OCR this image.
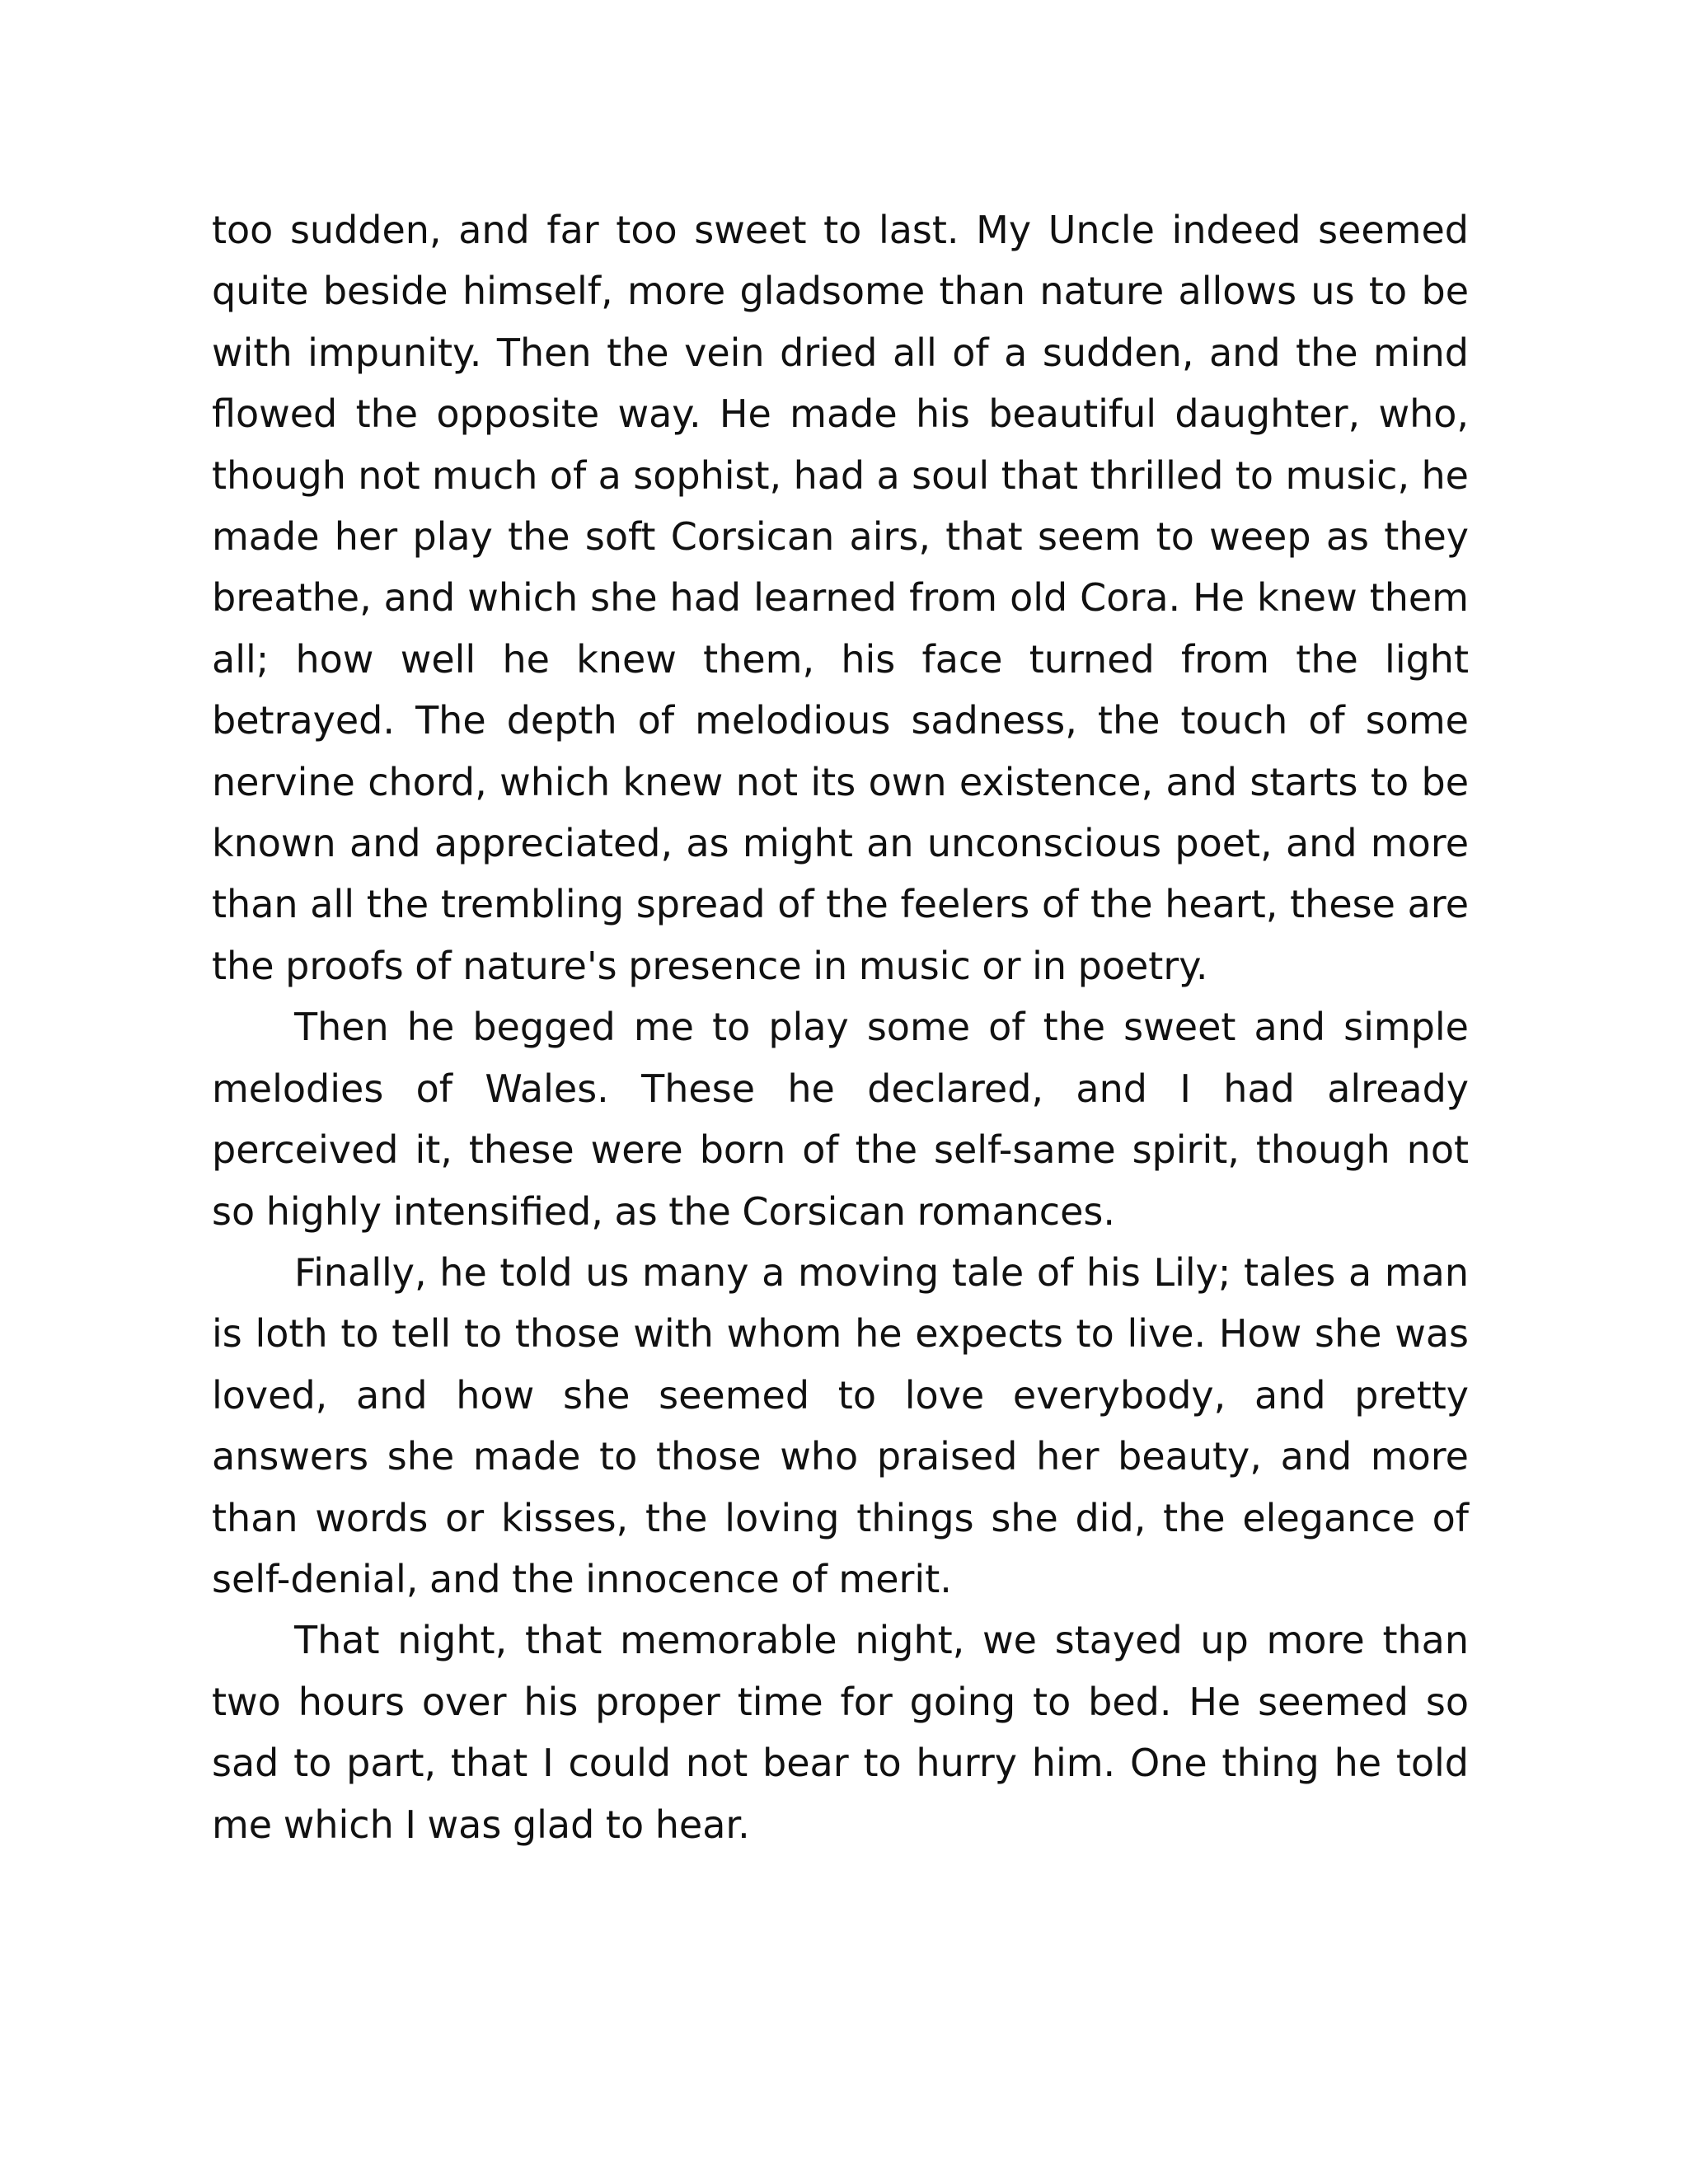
too sudden, and far too sweet to last. My Uncle indeed seemed quite beside himself, more gladsome than nature allows us to be with impunity. Then the vein dried all of a sudden, and the mind flowed the opposite way. He made his beautiful daughter, who, though not much of a sophist, had a soul that thrilled to music, he made her play the soft Corsican airs, that seem to weep as they breathe, and which she had learned from old Cora. He knew them all; how well he knew them, his face turned from the light betrayed. The depth of melodious sadness, the touch of some nervine chord, which knew not its own existence, and starts to be known and appreciated, as might an unconscious poet, and more than all the trembling spread of the feelers of the heart, these are the proofs of nature's presence in music or in poetry.

Then he begged me to play some of the sweet and simple melodies of Wales. These he declared, and I had already perceived it, these were born of the self-same spirit, though not so highly intensified, as the Corsican romances.

Finally, he told us many a moving tale of his Lily; tales a man is loth to tell to those with whom he expects to live. How she was loved, and how she seemed to love everybody, and pretty answers she made to those who praised her beauty, and more than words or kisses, the loving things she did, the elegance of self-denial, and the innocence of merit.

That night, that memorable night, we stayed up more than two hours over his proper time for going to bed. He seemed so sad to part, that I could not bear to hurry him. One thing he told me which I was glad to hear.
